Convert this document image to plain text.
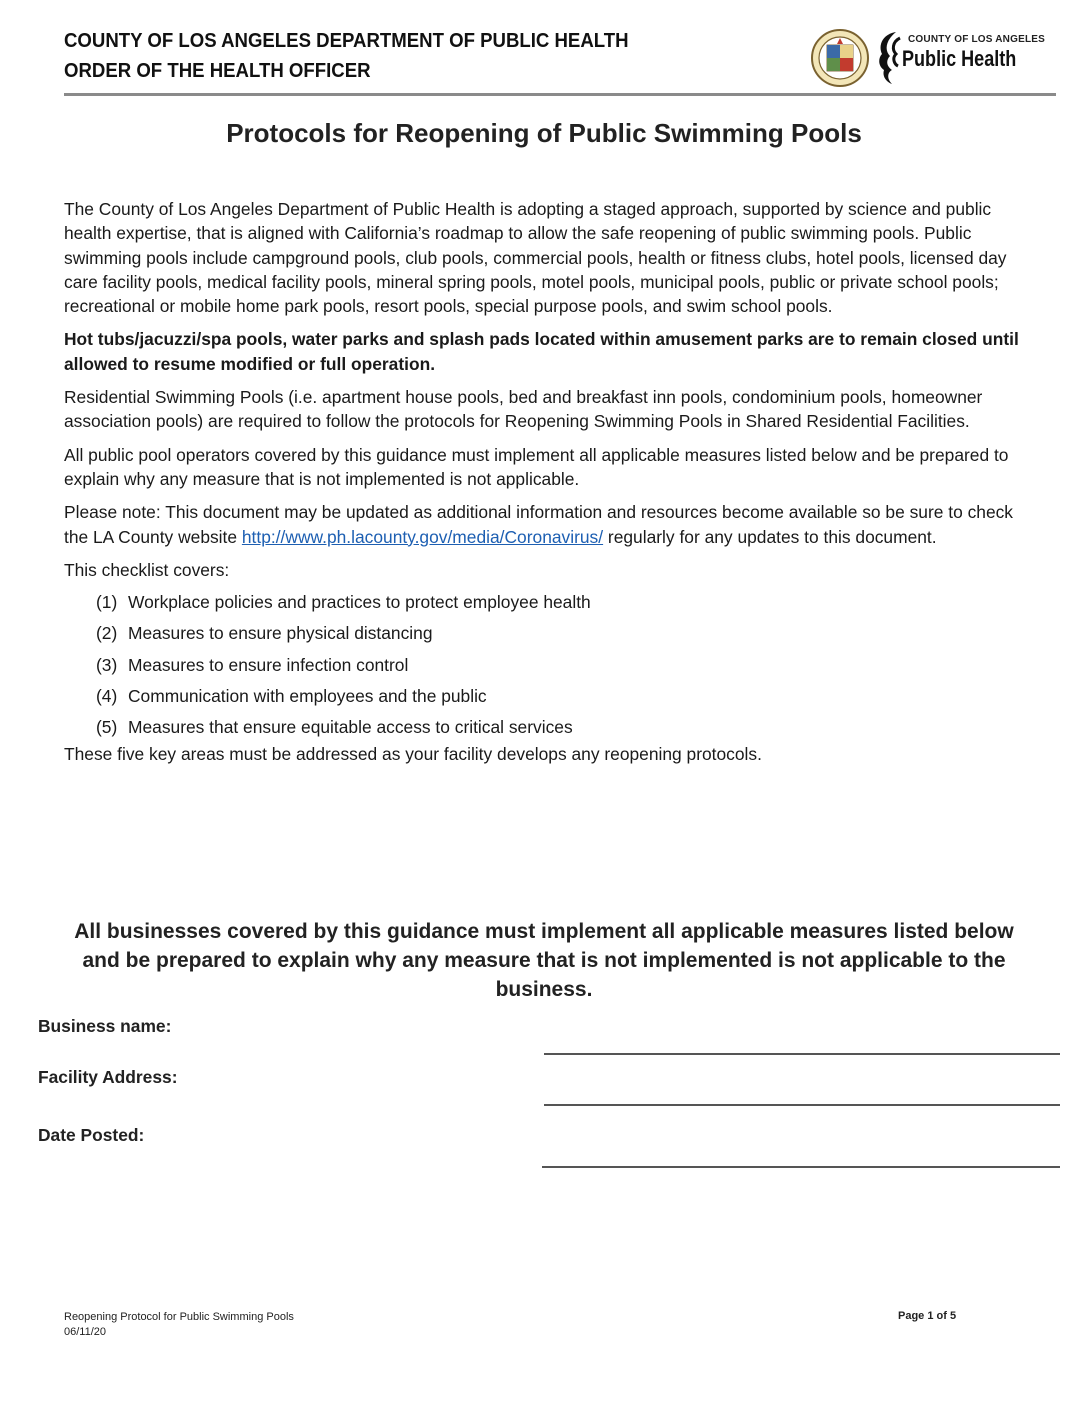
COUNTY OF LOS ANGELES DEPARTMENT OF PUBLIC HEALTH
ORDER OF THE HEALTH OFFICER
COUNTY OF LOS ANGELES
Public Health
Protocols for Reopening of Public Swimming Pools

The County of Los Angeles Department of Public Health is adopting a staged approach, supported by science and public health expertise, that is aligned with California’s roadmap to allow the safe reopening of public swimming pools. Public swimming pools include campground pools, club pools, commercial pools, health or fitness clubs, hotel pools, licensed day care facility pools, medical facility pools, mineral spring pools, motel pools, municipal pools, public or private school pools; recreational or mobile home park pools, resort pools, special purpose pools, and swim school pools.

Hot tubs/jacuzzi/spa pools, water parks and splash pads located within amusement parks are to remain closed until allowed to resume modified or full operation.

Residential Swimming Pools (i.e. apartment house pools, bed and breakfast inn pools, condominium pools, homeowner association pools) are required to follow the protocols for Reopening Swimming Pools in Shared Residential Facilities.

All public pool operators covered by this guidance must implement all applicable measures listed below and be prepared to explain why any measure that is not implemented is not applicable.

Please note: This document may be updated as additional information and resources become available so be sure to check the LA County website http://www.ph.lacounty.gov/media/Coronavirus/ regularly for any updates to this document.

This checklist covers:

(1) Workplace policies and practices to protect employee health
(2) Measures to ensure physical distancing
(3) Measures to ensure infection control
(4) Communication with employees and the public
(5) Measures that ensure equitable access to critical services

These five key areas must be addressed as your facility develops any reopening protocols.

All businesses covered by this guidance must implement all applicable measures listed below and be prepared to explain why any measure that is not implemented is not applicable to the business.
Business name:
Facility Address:
Date Posted:
Reopening Protocol for Public Swimming Pools
06/11/20
Page 1 of 5
